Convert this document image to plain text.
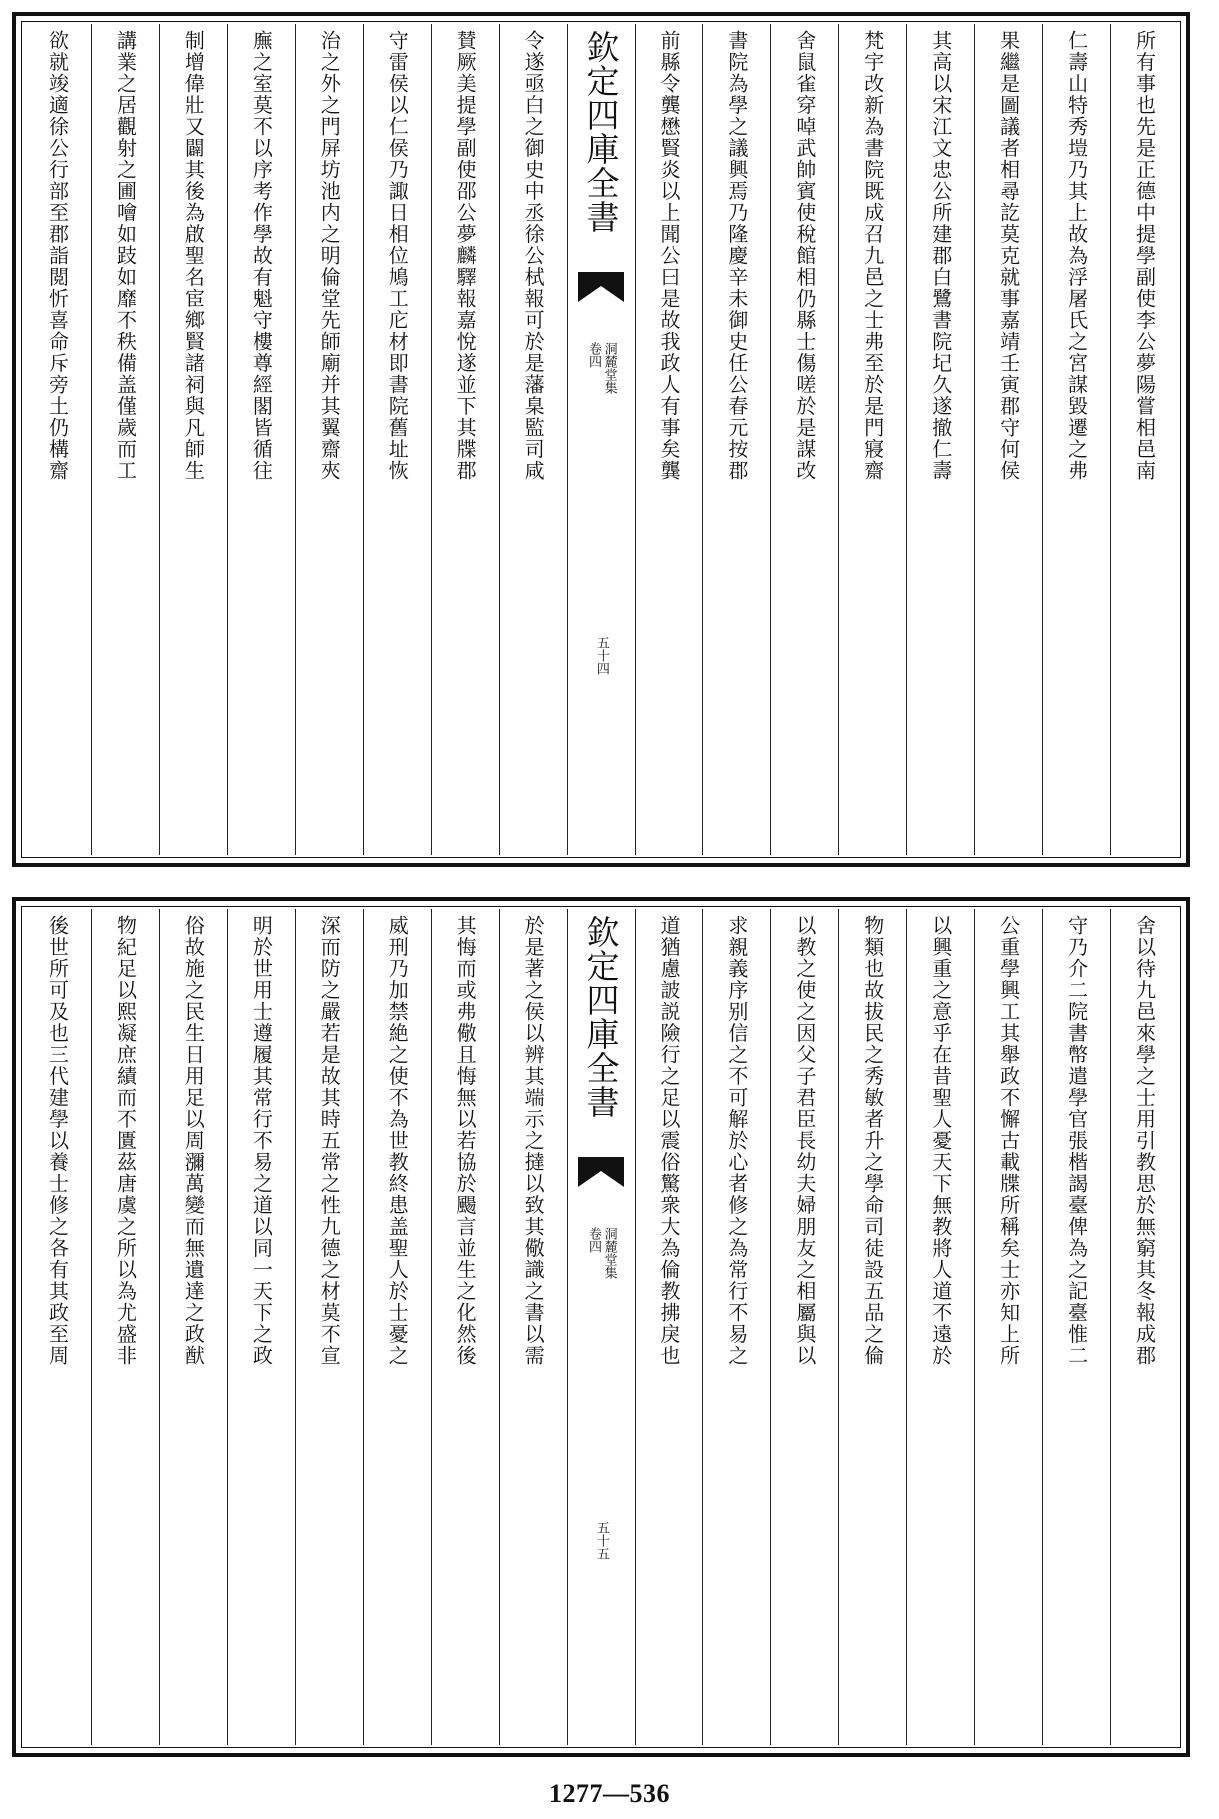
所有事也先是正德中提學副使李公夢陽嘗相邑南
仁壽山特秀塏乃其上故為浮屠氏之宮謀毀遷之弗
果繼是圖議者相尋訖莫克就事嘉靖壬寅郡守何侯
其高以宋江文忠公所建郡白鷺書院圮久遂撤仁壽
梵宇改新為書院既成召九邑之士弗至於是門寢齋
舍鼠雀穿啅武帥賓使稅館相仍縣士傷嗟於是謀改
書院為學之議興焉乃隆慶辛未御史任公春元按郡
前縣令龔懋賢炎以上聞公曰是故我政人有事矣龔
欽定四庫全書
洞麓堂集
卷四
五十四
令遂亟白之御史中丞徐公栻報可於是藩臬監司咸
賛厥美提學副使邵公夢麟驛報嘉悅遂並下其牒郡
守雷侯以仁侯乃諏日相位鳩工庀材即書院舊址恢
治之外之門屏坊池内之明倫堂先師廟并其翼齋夾
廡之室莫不以序考作學故有魁守樓尊經閣皆循往
制增偉壯又闢其後為啟聖名宦鄉賢諸祠與凡師生
講業之居觀射之圃噲如跂如靡不秩備盖僅歲而工
欲就竣適徐公行部至郡詣閲忻喜命斥旁土仍構齋
舍以待九邑來學之士用引教思於無窮其冬報成郡
守乃介二院書幣遣學官張楷謁臺俾為之記臺惟二
公重學興工其舉政不懈古載牒所稱矣士亦知上所
以興重之意乎在昔聖人憂天下無教將人道不遠於
物類也故拔民之秀敏者升之學命司徒設五品之倫
以教之使之因父子君臣長幼夫婦朋友之相屬與以
求親義序别信之不可解於心者修之為常行不易之
道猶慮詖説險行之足以震俗驚衆大為倫教拂戾也
欽定四庫全書
洞麓堂集
卷四
五十五
於是著之侯以辨其端示之撻以致其儆識之書以需
其悔而或弗儆且悔無以若協於颺言並生之化然後
威刑乃加禁絶之使不為世教終患盖聖人於士憂之
深而防之嚴若是故其時五常之性九德之材莫不宣
明於世用士遵履其常行不易之道以同一天下之政
俗故施之民生日用足以周瀰萬變而無遺達之政猷
物紀足以熙凝庶績而不匱茲唐虞之所以為尤盛非
後世所可及也三代建學以養士修之各有其政至周
1277—536
